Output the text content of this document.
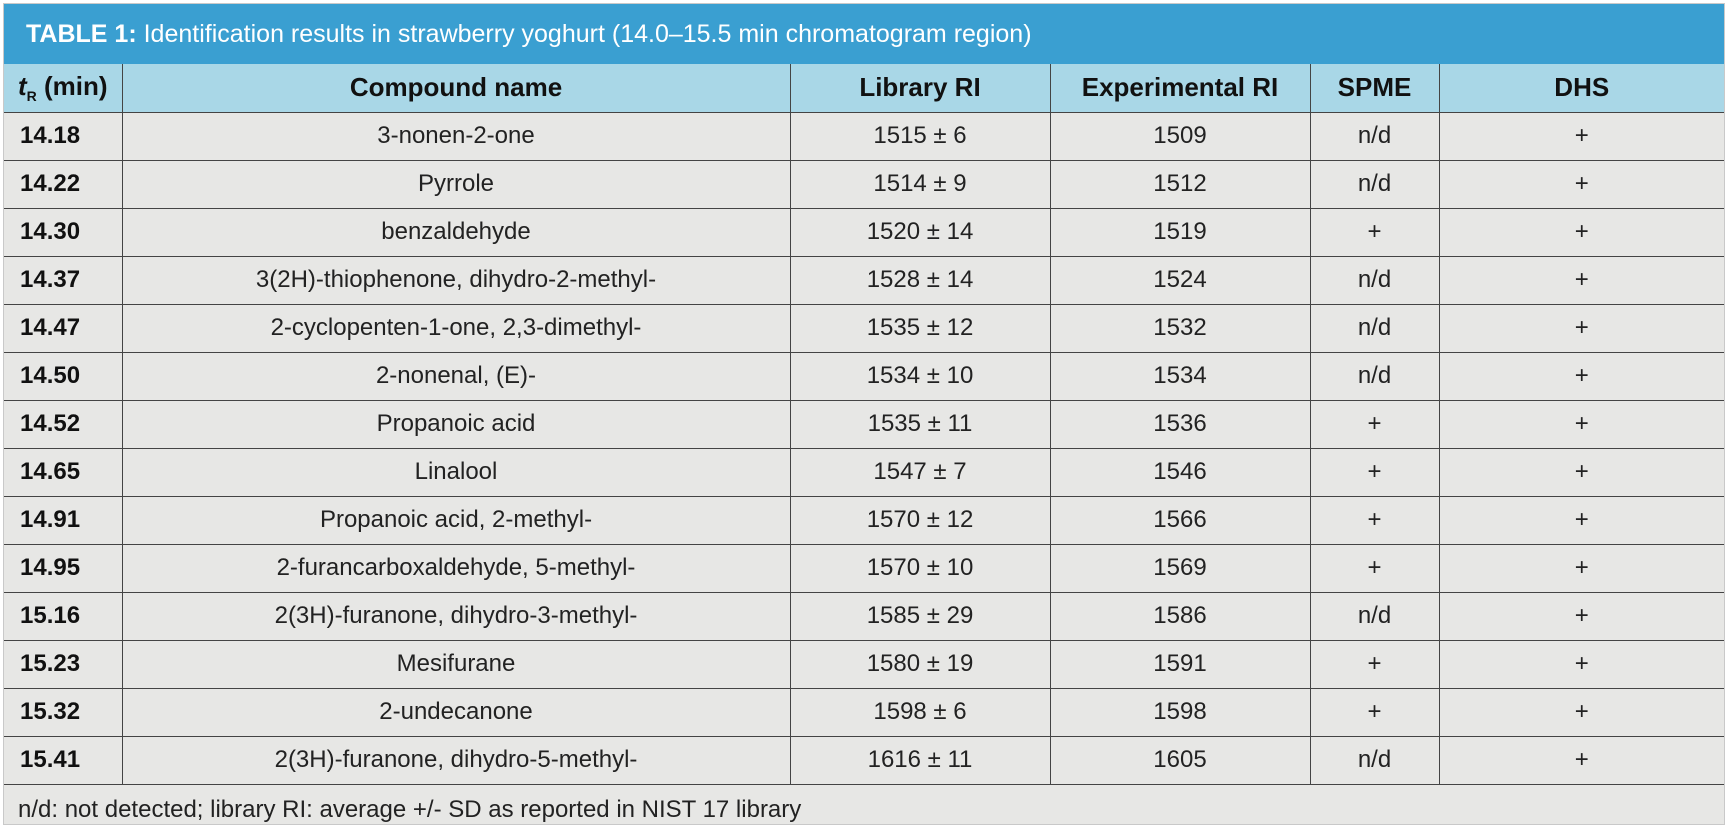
TABLE 1: Identification results in strawberry yoghurt (14.0–15.5 min chromatogram region)
$t_R$ (min)	Compound name	Library RI	Experimental RI	SPME	DHS
14.18	3-nonen-2-one	1515 ± 6	1509	n/d	+
14.22	Pyrrole	1514 ± 9	1512	n/d	+
14.30	benzaldehyde	1520 ± 14	1519	+	+
14.37	3(2H)-thiophenone, dihydro-2-methyl-	1528 ± 14	1524	n/d	+
14.47	2-cyclopenten-1-one, 2,3-dimethyl-	1535 ± 12	1532	n/d	+
14.50	2-nonenal, (E)-	1534 ± 10	1534	n/d	+
14.52	Propanoic acid	1535 ± 11	1536	+	+
14.65	Linalool	1547 ± 7	1546	+	+
14.91	Propanoic acid, 2-methyl-	1570 ± 12	1566	+	+
14.95	2-furancarboxaldehyde, 5-methyl-	1570 ± 10	1569	+	+
15.16	2(3H)-furanone, dihydro-3-methyl-	1585 ± 29	1586	n/d	+
15.23	Mesifurane	1580 ± 19	1591	+	+
15.32	2-undecanone	1598 ± 6	1598	+	+
15.41	2(3H)-furanone, dihydro-5-methyl-	1616 ± 11	1605	n/d	+
n/d: not detected; library RI: average +/- SD as reported in NIST 17 library
